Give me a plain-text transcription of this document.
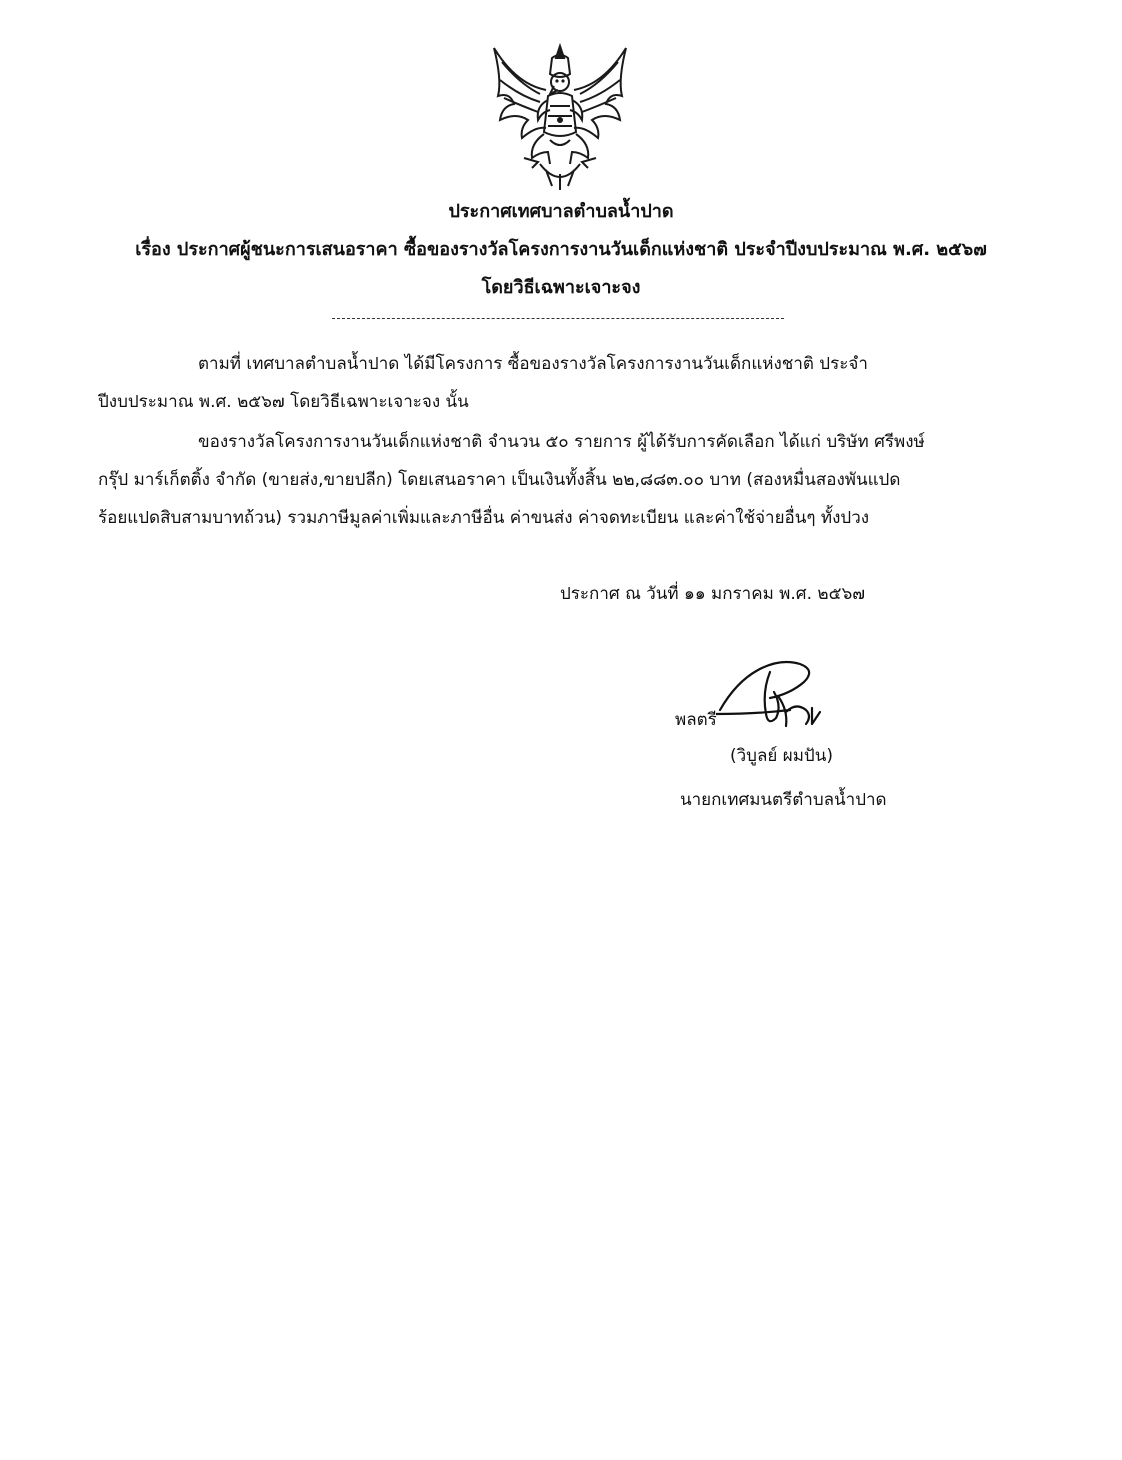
ประกาศเทศบาลตำบลน้ำปาด
เรื่อง ประกาศผู้ชนะการเสนอราคา ซื้อของรางวัลโครงการงานวันเด็กแห่งชาติ ประจำปีงบประมาณ พ.ศ. ๒๕๖๗
โดยวิธีเฉพาะเจาะจง
ตามที่ เทศบาลตำบลน้ำปาด ได้มีโครงการ ซื้อของรางวัลโครงการงานวันเด็กแห่งชาติ ประจำ
ปีงบประมาณ พ.ศ. ๒๕๖๗ โดยวิธีเฉพาะเจาะจง นั้น
ของรางวัลโครงการงานวันเด็กแห่งชาติ จำนวน ๕๐ รายการ ผู้ได้รับการคัดเลือก ได้แก่ บริษัท ศรีพงษ์
กรุ๊ป มาร์เก็ตติ้ง จำกัด (ขายส่ง,ขายปลีก) โดยเสนอราคา เป็นเงินทั้งสิ้น ๒๒,๘๘๓.๐๐ บาท (สองหมื่นสองพันแปด
ร้อยแปดสิบสามบาทถ้วน) รวมภาษีมูลค่าเพิ่มและภาษีอื่น ค่าขนส่ง ค่าจดทะเบียน และค่าใช้จ่ายอื่นๆ ทั้งปวง
ประกาศ ณ วันที่ ๑๑ มกราคม พ.ศ. ๒๕๖๗
พลตรี
(วิบูลย์ ผมปัน)
นายกเทศมนตรีตำบลน้ำปาด
